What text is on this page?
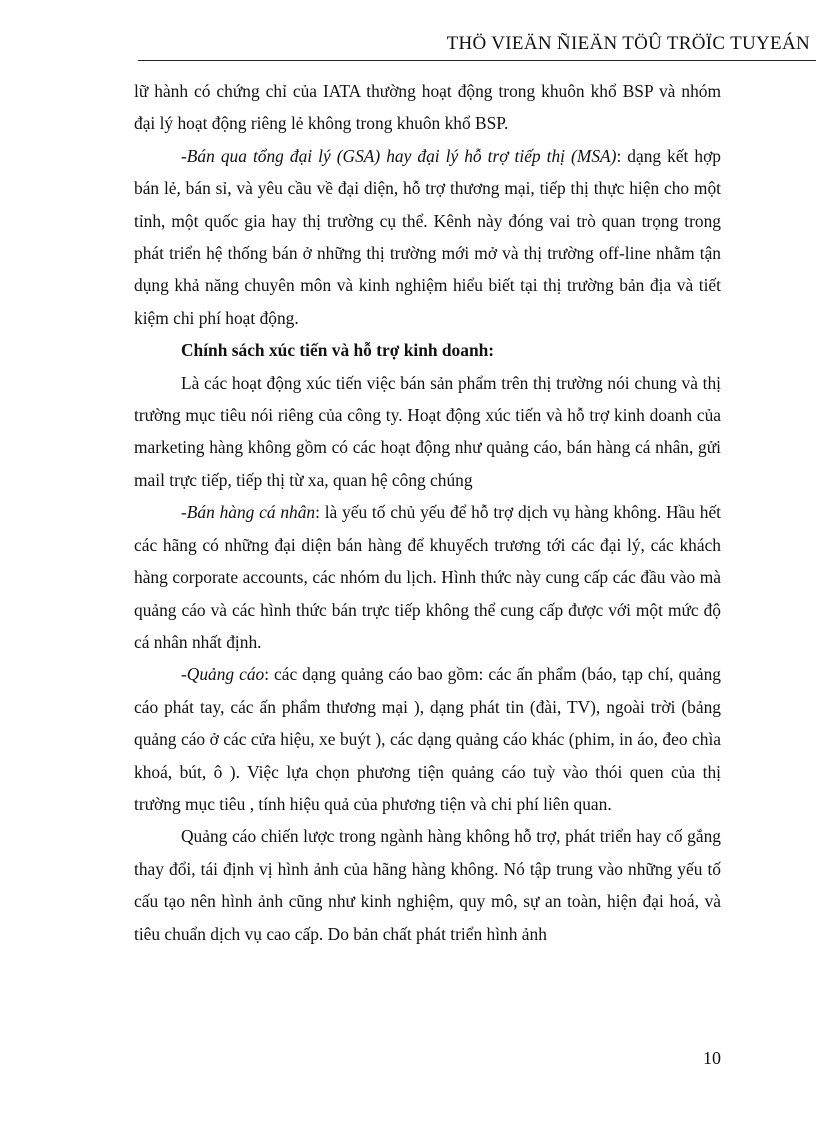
THÖ VIEÄN ÑIEÄN TÖÛ TRÖÏC TUYEÁN

lữ hành có chứng chỉ của IATA thường hoạt động trong khuôn khổ BSP và nhóm đại lý hoạt động riêng lẻ không trong khuôn khổ BSP.

-Bán qua tổng đại lý (GSA) hay đại lý hỗ trợ tiếp thị (MSA): dạng kết hợp bán lẻ, bán sỉ, và yêu cầu về đại diện, hỗ trợ thương mại, tiếp thị thực hiện cho một tỉnh, một quốc gia hay thị trường cụ thể. Kênh này đóng vai trò quan trọng trong phát triển hệ thống bán ở những thị trường mới mở và thị trường off-line nhằm tận dụng khả năng chuyên môn và kinh nghiệm hiểu biết tại thị trường bản địa và tiết kiệm chi phí hoạt động.

Chính sách xúc tiến và hỗ trợ kinh doanh:

Là các hoạt động xúc tiến việc bán sản phẩm trên thị trường nói chung và thị trường mục tiêu nói riêng của công ty. Hoạt động xúc tiến và hỗ trợ kinh doanh của marketing hàng không gồm có các hoạt động như quảng cáo, bán hàng cá nhân, gửi mail trực tiếp, tiếp thị từ xa, quan hệ công chúng

-Bán hàng cá nhân: là yếu tố chủ yếu để hỗ trợ dịch vụ hàng không. Hầu hết các hãng có những đại diện bán hàng để khuyếch trương tới các đại lý, các khách hàng corporate accounts, các nhóm du lịch. Hình thức này cung cấp các đầu vào mà quảng cáo và các hình thức bán trực tiếp không thể cung cấp được với một mức độ cá nhân nhất định.

-Quảng cáo: các dạng quảng cáo bao gồm: các ấn phẩm (báo, tạp chí, quảng cáo phát tay, các ấn phẩm thương mại ), dạng phát tin (đài, TV), ngoài trời (bảng quảng cáo ở các cửa hiệu, xe buýt ), các dạng quảng cáo khác (phim, in áo, đeo chìa khoá, bút, ô ). Việc lựa chọn phương tiện quảng cáo tuỳ vào thói quen của thị trường mục tiêu , tính hiệu quả của phương tiện và chi phí liên quan.

Quảng cáo chiến lược trong ngành hàng không hỗ trợ, phát triển hay cố gắng thay đổi, tái định vị hình ảnh của hãng hàng không. Nó tập trung vào những yếu tố cấu tạo nên hình ảnh cũng như kinh nghiệm, quy mô, sự an toàn, hiện đại hoá, và tiêu chuẩn dịch vụ cao cấp. Do bản chất phát triển hình ảnh

10
